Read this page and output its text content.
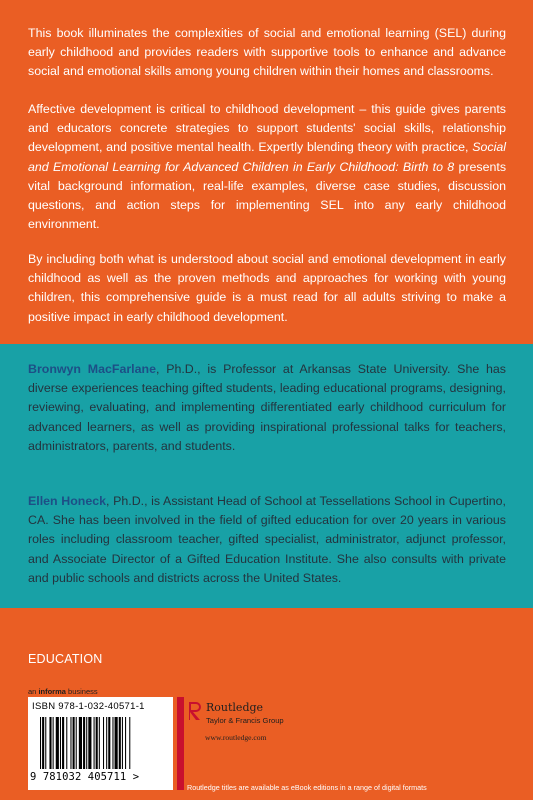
This book illuminates the complexities of social and emotional learning (SEL) during early childhood and provides readers with supportive tools to enhance and advance social and emotional skills among young children within their homes and classrooms.

Affective development is critical to childhood development – this guide gives parents and educators concrete strategies to support students' social skills, relationship development, and positive mental health. Expertly blending theory with practice, Social and Emotional Learning for Advanced Children in Early Childhood: Birth to 8 presents vital background information, real-life examples, diverse case studies, discussion questions, and action steps for implementing SEL into any early childhood environment.

By including both what is understood about social and emotional development in early childhood as well as the proven methods and approaches for working with young children, this comprehensive guide is a must read for all adults striving to make a positive impact in early childhood development.

Bronwyn MacFarlane, Ph.D., is Professor at Arkansas State University. She has diverse experiences teaching gifted students, leading educational programs, designing, reviewing, evaluating, and implementing differentiated early childhood curriculum for advanced learners, as well as providing inspirational professional talks for teachers, administrators, parents, and students.

Ellen Honeck, Ph.D., is Assistant Head of School at Tessellations School in Cupertino, CA. She has been involved in the field of gifted education for over 20 years in various roles including classroom teacher, gifted specialist, administrator, adjunct professor, and Associate Director of a Gifted Education Institute. She also consults with private and public schools and districts across the United States.

EDUCATION
an informa business
ISBN 978-1-032-40571-1
9 781032 405711 >
Routledge
Taylor & Francis Group
www.routledge.com
Routledge titles are available as eBook editions in a range of digital formats
